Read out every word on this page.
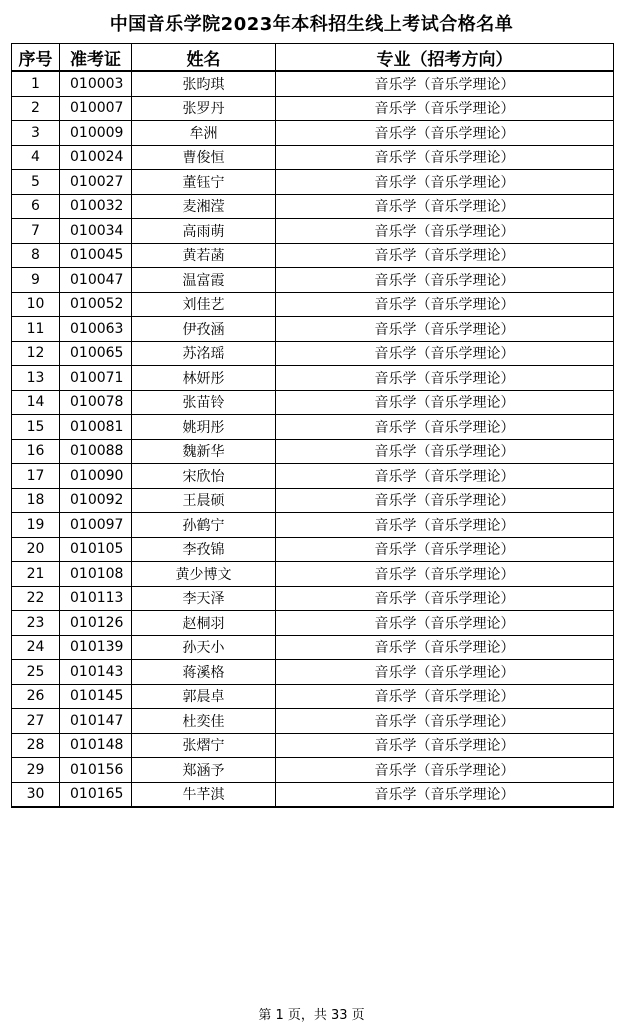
中国音乐学院2023年本科招生线上考试合格名单
序号	准考证	姓名	专业（招考方向）
1	010003	张昀琪	音乐学（音乐学理论）
2	010007	张罗丹	音乐学（音乐学理论）
3	010009	牟洲	音乐学（音乐学理论）
4	010024	曹俊恒	音乐学（音乐学理论）
5	010027	董钰宁	音乐学（音乐学理论）
6	010032	麦湘滢	音乐学（音乐学理论）
7	010034	高雨萌	音乐学（音乐学理论）
8	010045	黄若菡	音乐学（音乐学理论）
9	010047	温富霞	音乐学（音乐学理论）
10	010052	刘佳艺	音乐学（音乐学理论）
11	010063	伊孜涵	音乐学（音乐学理论）
12	010065	苏洺瑶	音乐学（音乐学理论）
13	010071	林妍彤	音乐学（音乐学理论）
14	010078	张苗铃	音乐学（音乐学理论）
15	010081	姚玥彤	音乐学（音乐学理论）
16	010088	魏新华	音乐学（音乐学理论）
17	010090	宋欣怡	音乐学（音乐学理论）
18	010092	王晨硕	音乐学（音乐学理论）
19	010097	孙鹤宁	音乐学（音乐学理论）
20	010105	李孜锦	音乐学（音乐学理论）
21	010108	黄少博文	音乐学（音乐学理论）
22	010113	李天泽	音乐学（音乐学理论）
23	010126	赵桐羽	音乐学（音乐学理论）
24	010139	孙天小	音乐学（音乐学理论）
25	010143	蒋溪格	音乐学（音乐学理论）
26	010145	郭晨卓	音乐学（音乐学理论）
27	010147	杜奕佳	音乐学（音乐学理论）
28	010148	张熠宁	音乐学（音乐学理论）
29	010156	郑涵予	音乐学（音乐学理论）
30	010165	牛芊淇	音乐学（音乐学理论）
第 1 页，共 33 页
